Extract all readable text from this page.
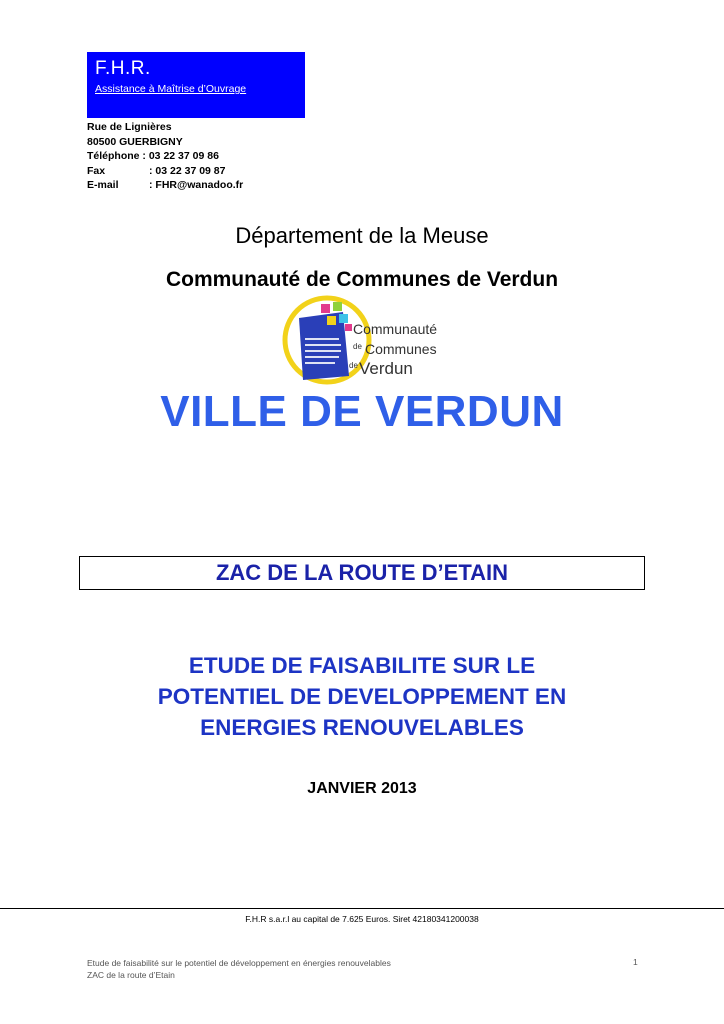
F.H.R.
Assistance à Maîtrise d’Ouvrage
Rue de Lignières
80500 GUERBIGNY
Téléphone :
03 22 37 09 86
Fax	: 03 22 37 09 87
E-mail	: FHR@wanadoo.fr
Département de la Meuse
Communauté de Communes de Verdun
Communauté
de Communes
de Verdun
VILLE DE VERDUN
ZAC DE LA ROUTE D’ETAIN
ETUDE DE FAISABILITE SUR LE
POTENTIEL DE DEVELOPPEMENT EN
ENERGIES RENOUVELABLES
JANVIER 2013
F.H.R s.a.r.l au capital de 7.625 Euros. Siret 42180341200038
Etude de faisabilité sur le potentiel de développement en énergies renouvelables
ZAC de la route d’Etain
1
